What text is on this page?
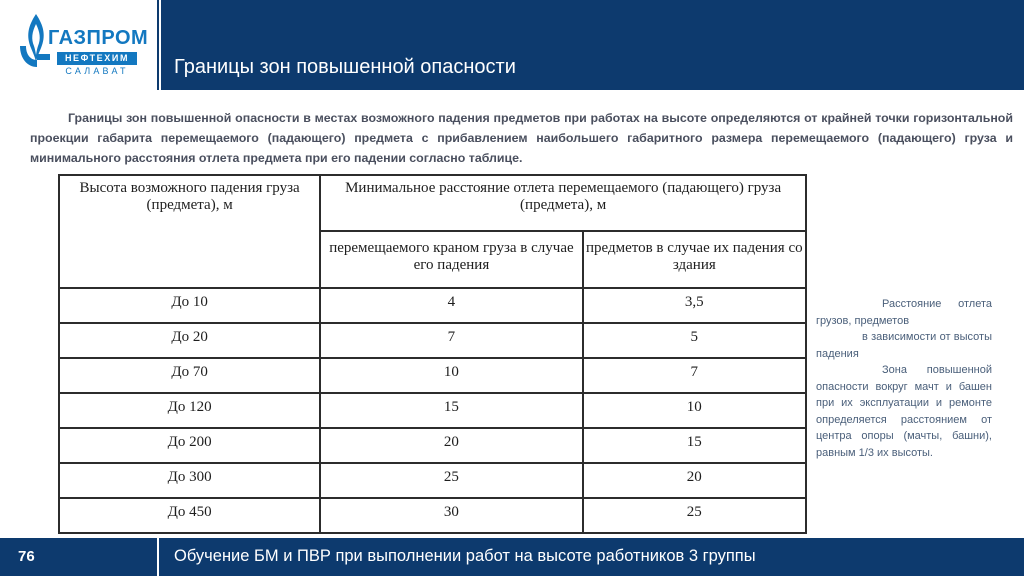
ГАЗПРОМ
НЕФТЕХИМ
САЛАВАТ	Границы зон повышенной опасности

Границы зон повышенной опасности в местах возможного падения предметов при работах на высоте определяются от крайней точки горизонтальной проекции габарита перемещаемого (падающего) предмета с прибавлением наибольшего габаритного размера перемещаемого (падающего) груза и минимального расстояния отлета предмета при его падении согласно таблице.

Высота возможного падения груза (предмета), м	Минимальное расстояние отлета перемещаемого (падающего) груза (предмета), м	
	перемещаемого краном груза в случае его падения	предметов в случае их падения со здания
До 10	4	3,5
До 20	7	5
До 70	10	7
До 120	15	10
До 200	20	15
До 300	25	20
До 450	30	25

Расстояние отлета грузов, предметов

в зависимости от высоты падения

Зона повышенной опасности вокруг мачт и башен при их эксплуатации и ремонте определяется расстоянием от центра опоры (мачты, башни), равным 1/3 их высоты.

76	Обучение БМ и ПВР при выполнении работ на высоте работников 3 группы
